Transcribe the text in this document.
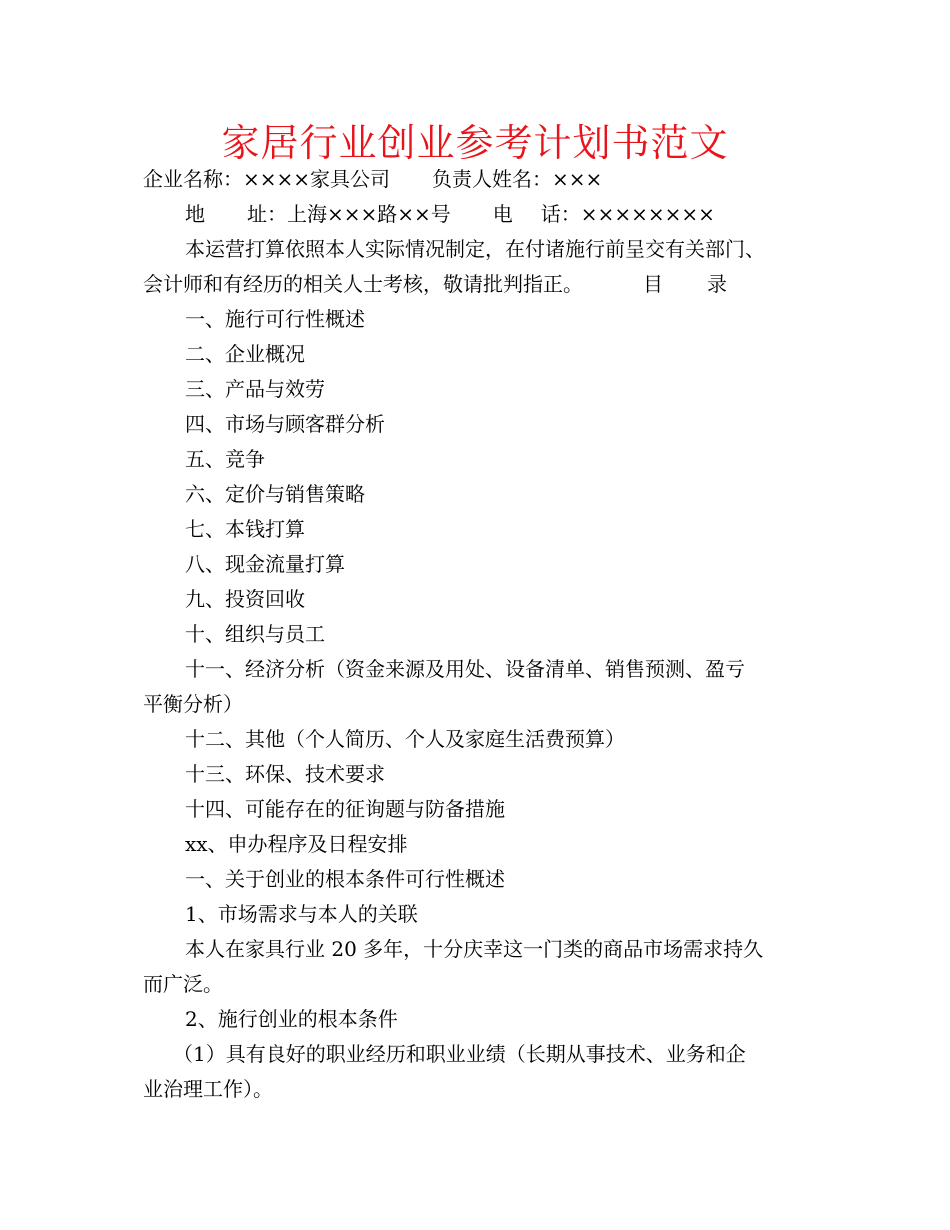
家居行业创业参考计划书范文
企业名称：××××家具公司 负责人姓名：×××
地 址：上海×××路××号 电 话：××××××××
本运营打算依照本人实际情况制定，在付诸施行前呈交有关部门、
会计师和有经历的相关人士考核，敬请批判指正。	目 录
一、施行可行性概述
二、企业概况
三、产品与效劳
四、市场与顾客群分析
五、竞争
六、定价与销售策略
七、本钱打算
八、现金流量打算
九、投资回收
十、组织与员工
十一、经济分析（资金来源及用处、设备清单、销售预测、盈亏
平衡分析）
十二、其他（个人简历、个人及家庭生活费预算）
十三、环保、技术要求
十四、可能存在的征询题与防备措施
xx、申办程序及日程安排
一、关于创业的根本条件可行性概述
1、市场需求与本人的关联
本人在家具行业 20 多年，十分庆幸这一门类的商品市场需求持久
而广泛。
2、施行创业的根本条件
（1）具有良好的职业经历和职业业绩（长期从事技术、业务和企
业治理工作）。
